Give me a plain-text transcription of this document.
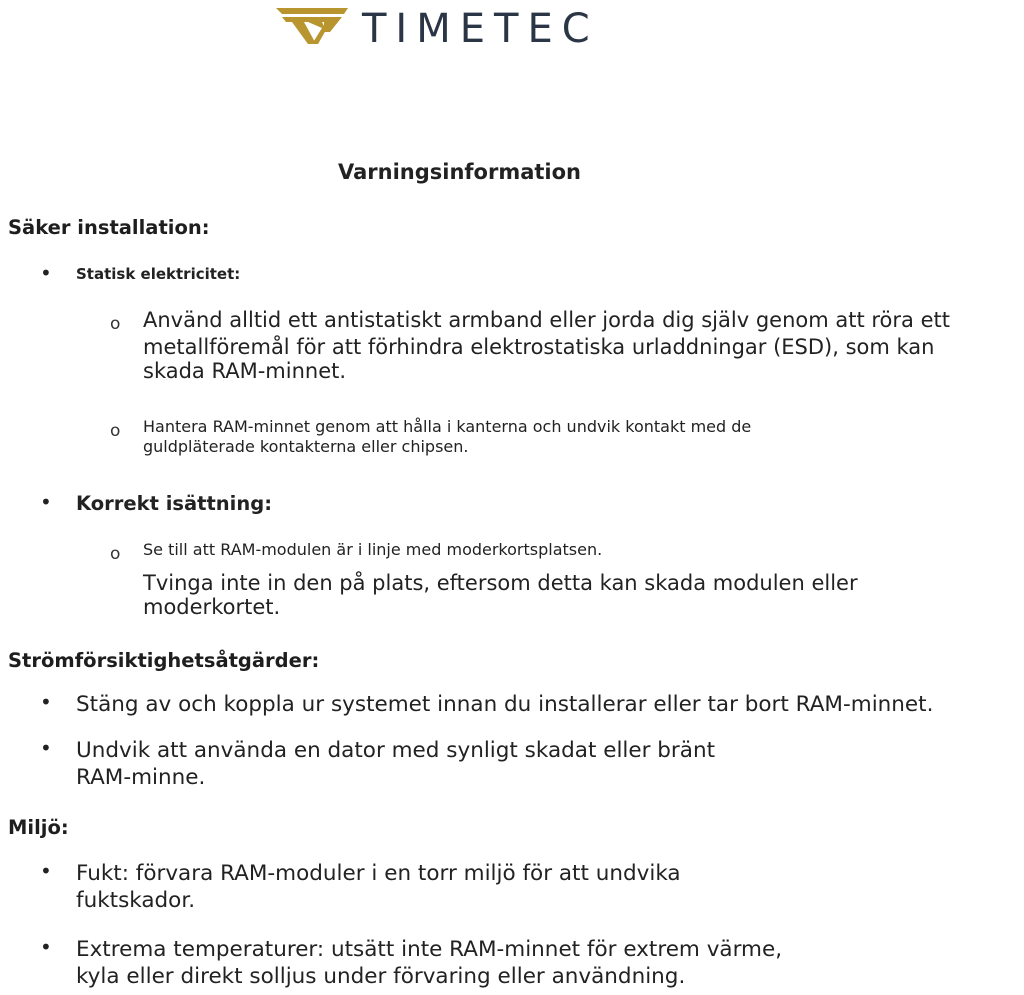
TIMETEC
Varningsinformation
Säker installation:
• Statisk elektricitet:
o Använd alltid ett antistatiskt armband eller jorda dig själv genom att röra ett
metallföremål för att förhindra elektrostatiska urladdningar (ESD), som kan
skada RAM-minnet.
o Hantera RAM-minnet genom att hålla i kanterna och undvik kontakt med de
guldpläterade kontakterna eller chipsen.
• Korrekt isättning:
o Se till att RAM-modulen är i linje med moderkortsplatsen.
Tvinga inte in den på plats, eftersom detta kan skada modulen eller
moderkortet.
Strömförsiktighetsåtgärder:
• Stäng av och koppla ur systemet innan du installerar eller tar bort RAM-minnet.
• Undvik att använda en dator med synligt skadat eller bränt
RAM-minne.
Miljö:
• Fukt: förvara RAM-moduler i en torr miljö för att undvika
fuktskador.
• Extrema temperaturer: utsätt inte RAM-minnet för extrem värme,
kyla eller direkt solljus under förvaring eller användning.
